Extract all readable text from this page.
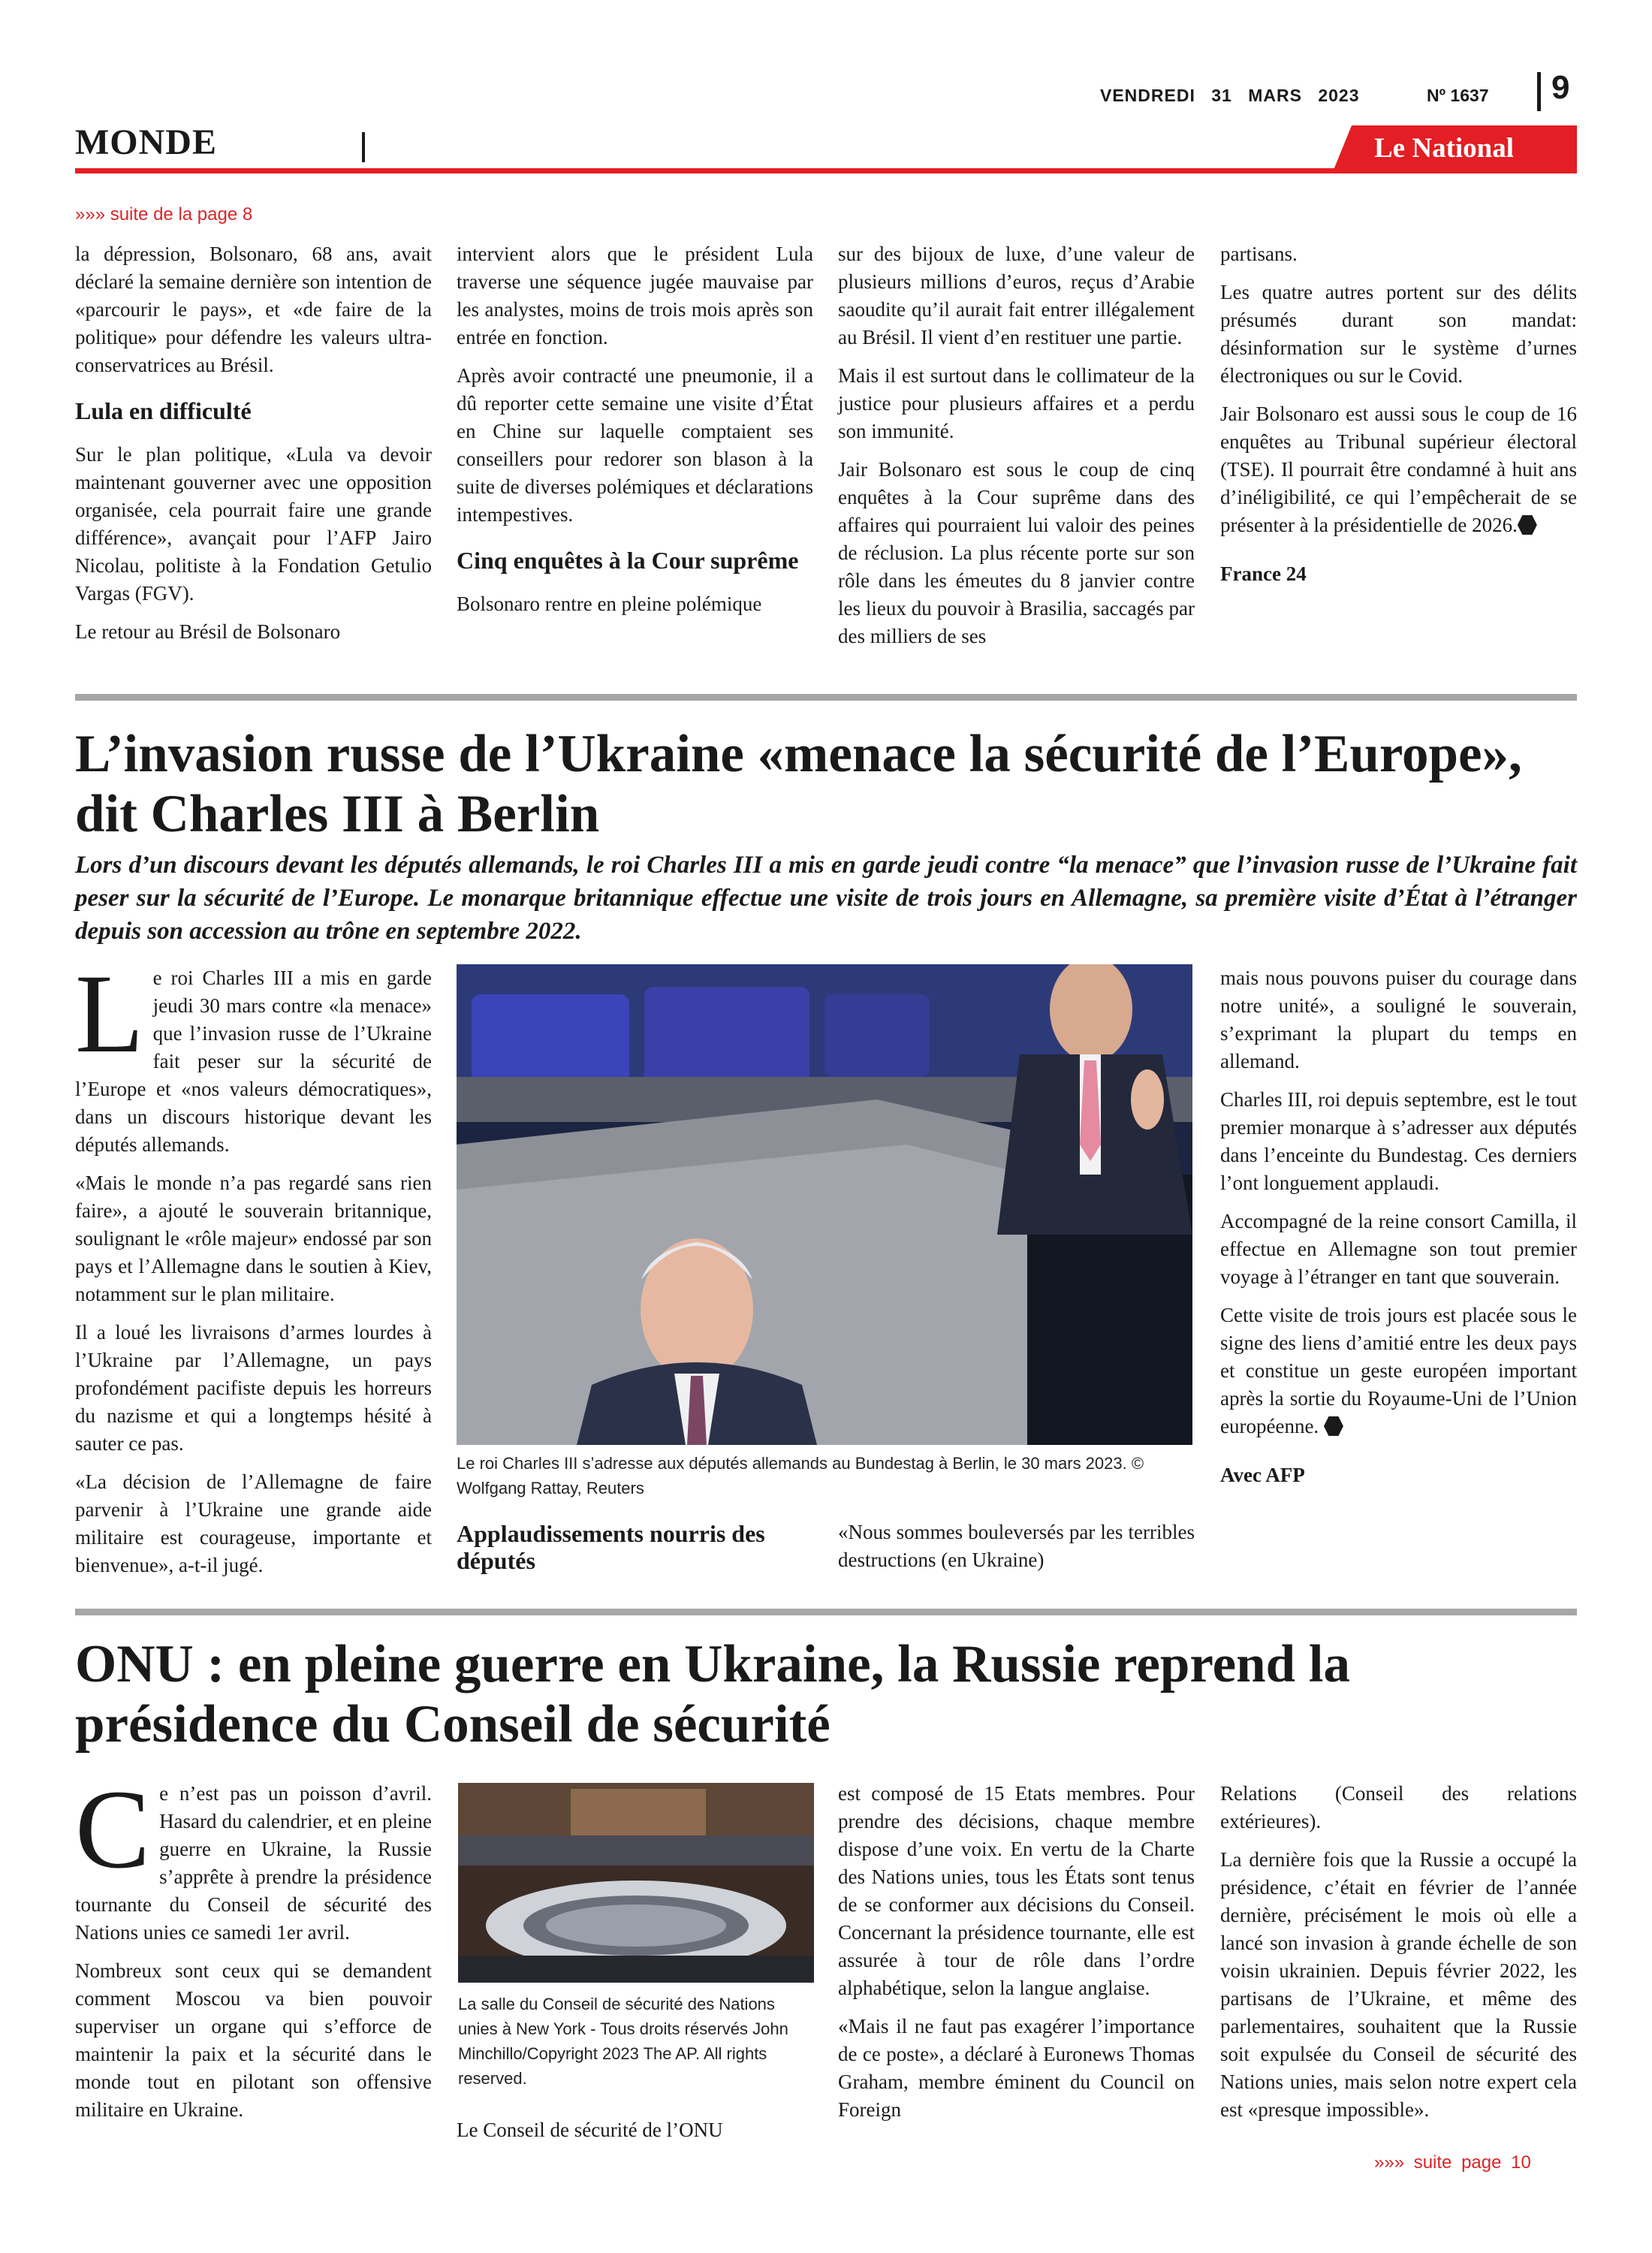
VENDREDI 31 MARS 2023	Nº 1637 9
MONDE	Le National
»»» suite de la page 8

la dépression, Bolsonaro, 68 ans, avait déclaré la semaine dernière son intention de «parcourir le pays», et «de faire de la politique» pour défendre les valeurs ultra-conservatrices au Brésil.

Lula en difficulté

Sur le plan politique, «Lula va devoir maintenant gouverner avec une opposition organisée, cela pourrait faire une grande différence», avançait pour l’AFP Jairo Nicolau, politiste à la Fondation Getulio Vargas (FGV).

Le retour au Brésil de Bolsonaro

intervient alors que le président Lula traverse une séquence jugée mauvaise par les analystes, moins de trois mois après son entrée en fonction.

Après avoir contracté une pneumonie, il a dû reporter cette semaine une visite d’État en Chine sur laquelle comptaient ses conseillers pour redorer son blason à la suite de diverses polémiques et déclarations intempestives.

Cinq enquêtes à la Cour suprême

Bolsonaro rentre en pleine polémique

sur des bijoux de luxe, d’une valeur de plusieurs millions d’euros, reçus d’Arabie saoudite qu’il aurait fait entrer illégalement au Brésil. Il vient d’en restituer une partie.

Mais il est surtout dans le collimateur de la justice pour plusieurs affaires et a perdu son immunité.

Jair Bolsonaro est sous le coup de cinq enquêtes à la Cour suprême dans des affaires qui pourraient lui valoir des peines de réclusion. La plus récente porte sur son rôle dans les émeutes du 8 janvier contre les lieux du pouvoir à Brasilia, saccagés par des milliers de ses

partisans.

Les quatre autres portent sur des délits présumés durant son mandat: désinformation sur le système d’urnes électroniques ou sur le Covid.

Jair Bolsonaro est aussi sous le coup de 16 enquêtes au Tribunal supérieur électoral (TSE). Il pourrait être condamné à huit ans d’inéligibilité, ce qui l’empêcherait de se présenter à la présidentielle de 2026.

France 24

L’invasion russe de l’Ukraine «menace la sécurité de l’Europe», dit Charles III à Berlin
Lors d’un discours devant les députés allemands, le roi Charles III a mis en garde jeudi contre “la menace” que l’invasion russe de l’Ukraine fait peser sur la sécurité de l’Europe. Le monarque britannique effectue une visite de trois jours en Allemagne, sa première visite d’État à l’étranger depuis son accession au trône en septembre 2022.

Le roi Charles III a mis en garde jeudi 30 mars contre «la menace» que l’invasion russe de l’Ukraine fait peser sur la sécurité de l’Europe et «nos valeurs démocratiques», dans un discours historique devant les députés allemands.

«Mais le monde n’a pas regardé sans rien faire», a ajouté le souverain britannique, soulignant le «rôle majeur» endossé par son pays et l’Allemagne dans le soutien à Kiev, notamment sur le plan militaire.

Il a loué les livraisons d’armes lourdes à l’Ukraine par l’Allemagne, un pays profondément pacifiste depuis les horreurs du nazisme et qui a longtemps hésité à sauter ce pas.

«La décision de l’Allemagne de faire parvenir à l’Ukraine une grande aide militaire est courageuse, importante et bienvenue», a-t-il jugé.

Le roi Charles III s’adresse aux députés allemands au Bundestag à Berlin, le 30 mars 2023. © Wolfgang Rattay, Reuters
Applaudissements nourris des députés

«Nous sommes bouleversés par les terribles destructions (en Ukraine)

mais nous pouvons puiser du courage dans notre unité», a souligné le souverain, s’exprimant la plupart du temps en allemand.

Charles III, roi depuis septembre, est le tout premier monarque à s’adresser aux députés dans l’enceinte du Bundestag. Ces derniers l’ont longuement applaudi.

Accompagné de la reine consort Camilla, il effectue en Allemagne son tout premier voyage à l’étranger en tant que souverain.

Cette visite de trois jours est placée sous le signe des liens d’amitié entre les deux pays et constitue un geste européen important après la sortie du Royaume-Uni de l’Union européenne.

Avec AFP

ONU : en pleine guerre en Ukraine, la Russie reprend la présidence du Conseil de sécurité

Ce n’est pas un poisson d’avril. Hasard du calendrier, et en pleine guerre en Ukraine, la Russie s’apprête à prendre la présidence tournante du Conseil de sécurité des Nations unies ce samedi 1er avril.

Nombreux sont ceux qui se demandent comment Moscou va bien pouvoir superviser un organe qui s’efforce de maintenir la paix et la sécurité dans le monde tout en pilotant son offensive militaire en Ukraine.

La salle du Conseil de sécurité des Nations unies à New York - Tous droits réservés John Minchillo/Copyright 2023 The AP. All rights reserved.

Le Conseil de sécurité de l’ONU

est composé de 15 Etats membres. Pour prendre des décisions, chaque membre dispose d’une voix. En vertu de la Charte des Nations unies, tous les États sont tenus de se conformer aux décisions du Conseil. Concernant la présidence tournante, elle est assurée à tour de rôle dans l’ordre alphabétique, selon la langue anglaise.

«Mais il ne faut pas exagérer l’importance de ce poste», a déclaré à Euronews Thomas Graham, membre éminent du Council on Foreign

Relations (Conseil des relations extérieures).

La dernière fois que la Russie a occupé la présidence, c’était en février de l’année dernière, précisément le mois où elle a lancé son invasion à grande échelle de son voisin ukrainien. Depuis février 2022, les partisans de l’Ukraine, et même des parlementaires, souhaitent que la Russie soit expulsée du Conseil de sécurité des Nations unies, mais selon notre expert cela est «presque impossible».

»»» suite page 10
